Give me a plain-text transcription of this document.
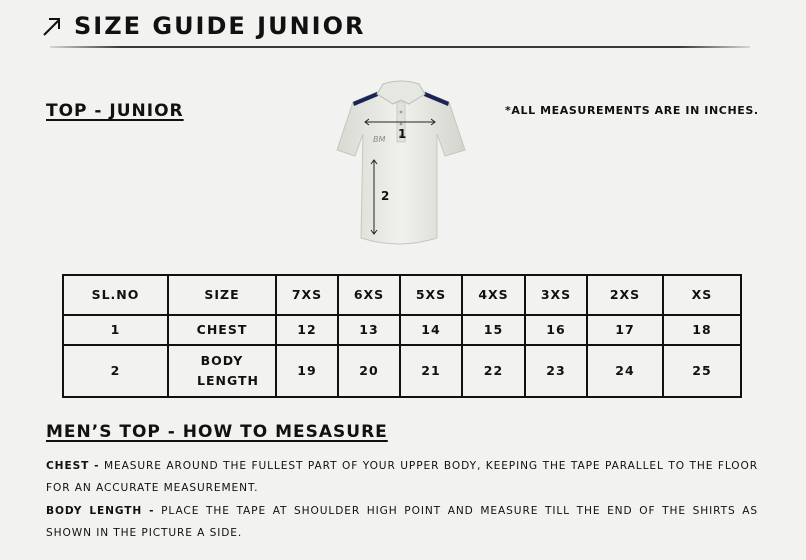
SIZE GUIDE JUNIOR
TOP - JUNIOR	*ALL MEASUREMENTS ARE IN INCHES.
BM 1
2
SL.NO	SIZE	7XS	6XS	5XS	4XS	3XS	2XS	XS
1	CHEST	12	13	14	15	16	17	18
2	BODY LENGTH	19	20	21	22	23	24	25
MEN’S TOP - HOW TO MESASURE
CHEST - MEASURE AROUND THE FULLEST PART OF YOUR UPPER BODY, KEEPING THE TAPE PARALLEL TO THE FLOOR FOR AN ACCURATE MEASUREMENT.
BODY LENGTH - PLACE THE TAPE AT SHOULDER HIGH POINT AND MEASURE TILL THE END OF THE SHIRTS AS SHOWN IN THE PICTURE A SIDE.
